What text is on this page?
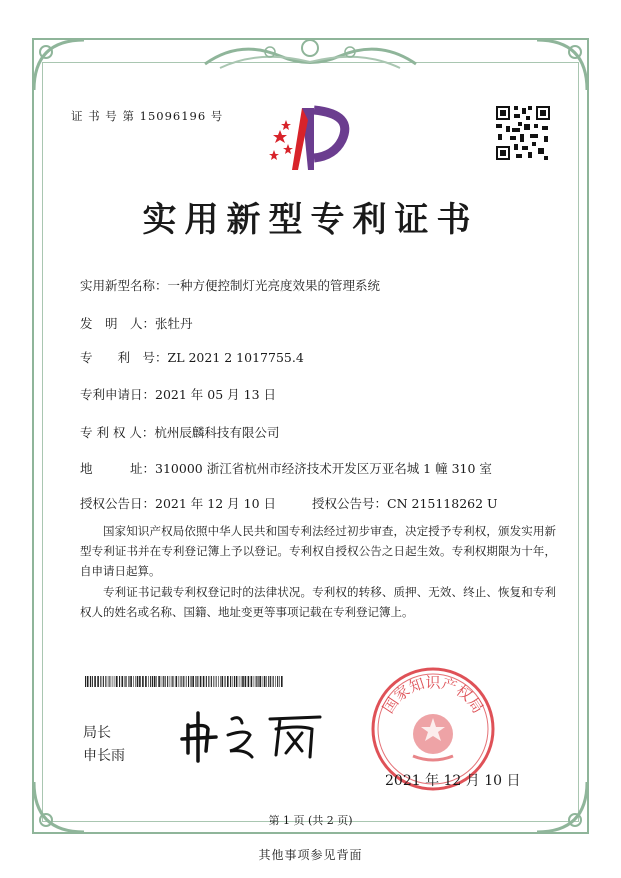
证 书 号 第 15096196 号
实用新型专利证书
实用新型名称：一种方便控制灯光亮度效果的管理系统
发　明　人：张牡丹
专　　利　号：ZL 2021 2 1017755.4
专利申请日：2021 年 05 月 13 日
专 利 权 人：杭州辰麟科技有限公司
地　　　址：310000 浙江省杭州市经济技术开发区万亚名城 1 幢 310 室
授权公告日：2021 年 12 月 10 日	授权公告号：CN 215118262 U
国家知识产权局依照中华人民共和国专利法经过初步审查，决定授予专利权，颁发实用新型专利证书并在专利登记簿上予以登记。专利权自授权公告之日起生效。专利权期限为十年，自申请日起算。
专利证书记载专利权登记时的法律状况。专利权的转移、质押、无效、终止、恢复和专利权人的姓名或名称、国籍、地址变更等事项记载在专利登记簿上。
局长
申长雨
国家知识产权局
2021 年 12 月 10 日
第 1 页 (共 2 页)
其他事项参见背面
